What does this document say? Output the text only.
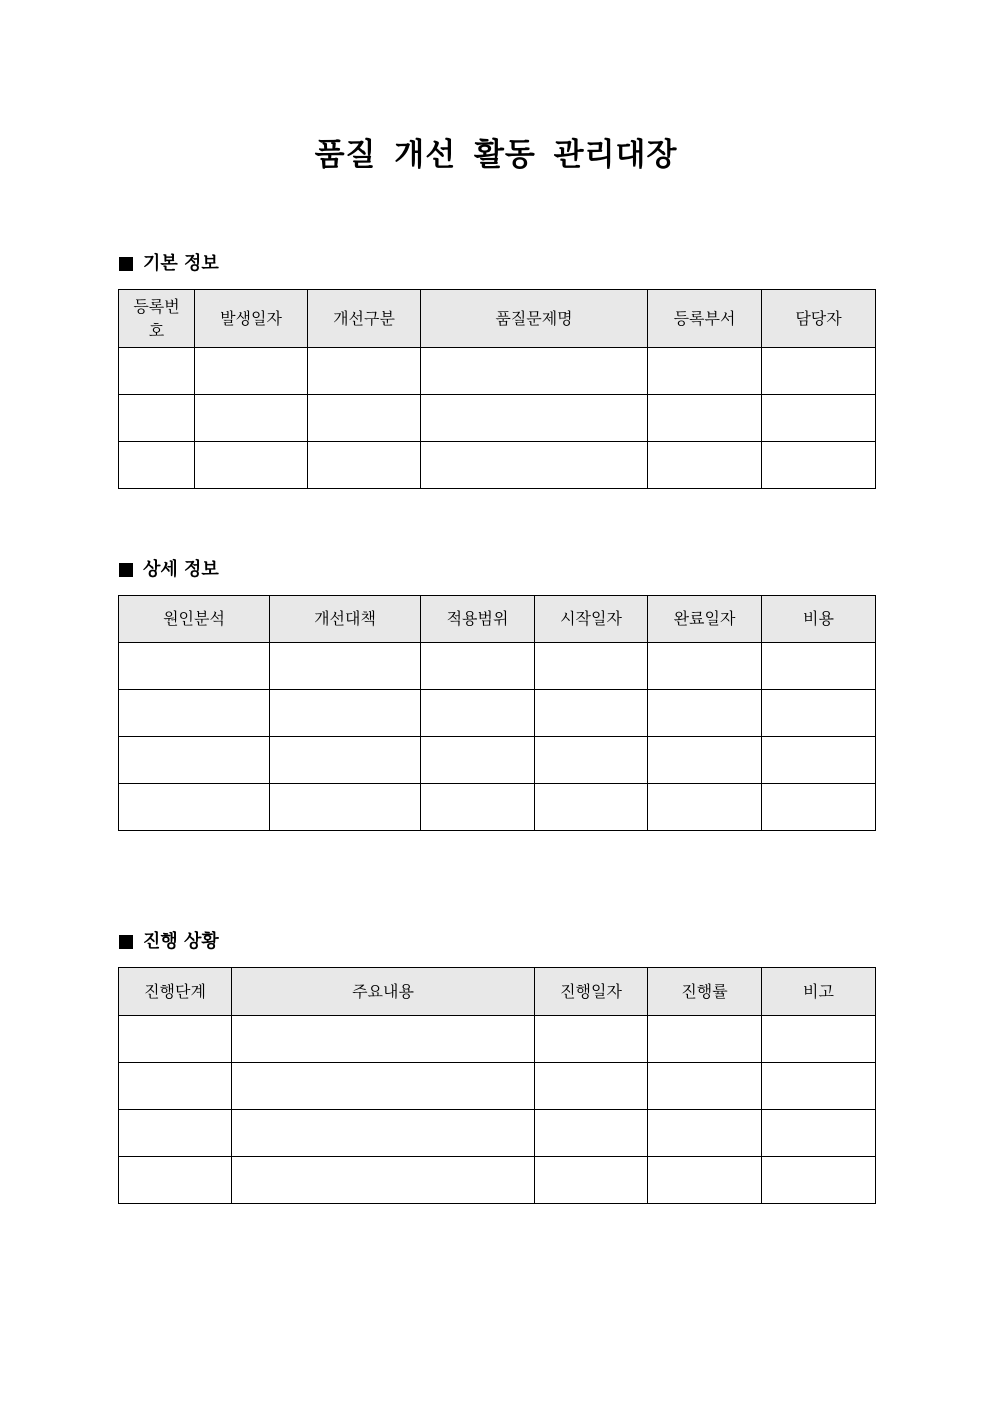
품질 개선 활동 관리대장
기본 정보
등록번호	발생일자	개선구분	품질문제명	등록부서	담당자

상세 정보
원인분석	개선대책	적용범위	시작일자	완료일자	비용

진행 상황
진행단계	주요내용	진행일자	진행률	비고
